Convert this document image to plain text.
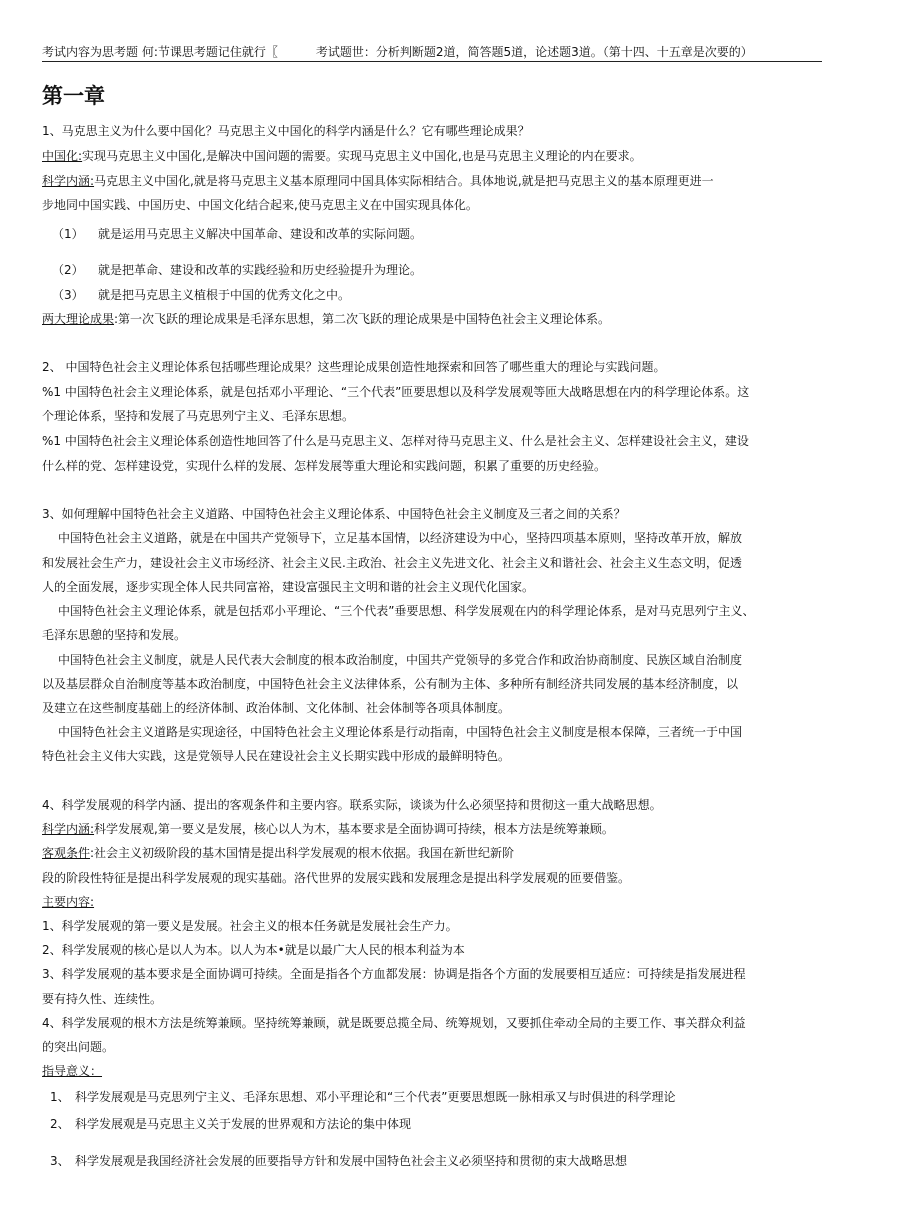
考试内容为思考题 何:节课思考题记住就行〖	考试题世：分析判断题2道，简答题5道，论述题3道。（第十四、十五章是次要的）
第一章
1、马克思主义为什么要中国化？马克思主义中国化的科学内涵是什么？它有哪些理论成果？
中国化:实现马克思主义中国化,是解决中国问题的需要。实现马克思主义中国化,也是马克思主义理论的内在要求。
科学内涵:马克思主义中国化,就是将马克思主义基本原理同中国具体实际相结合。具体地说,就是把马克思主义的基本原理更进一
步地同中国实践、中国历史、中国文化结合起来,使马克思主义在中国实现具体化。
（1） 就是运用马克思主义解决中国革命、建设和改革的实际问题。
（2） 就是把革命、建设和改革的实践经验和历史经验提升为理论。
（3） 就是把马克思主义植根于中国的优秀文化之中。
两大理论成果:第一次飞跃的理论成果是毛泽东思想，第二次飞跃的理论成果是中国特色社会主义理论体系。
2、 中国特色社会主义理论体系包括哪些理论成果？这些理论成果创造性地探索和回答了哪些重大的理论与实践问题。
%1 中国特色社会主义理论体系，就是包括邓小平理论、“三个代表”匝要思想以及科学发展观等匝大战略思想在内的科学理论体系。这
个理论体系，坚持和发展了马克思列宁主义、毛泽东思想。
%1 中国特色社会主义理论体系创造性地回答了什么是马克思主义、怎样对待马克思主义、什么是社会主义、怎样建设社会主义，建设
什么样的党、怎样建设党，实现什么样的发展、怎样发展等重大理论和实践问题，积累了重要的历史经验。
3、如何理解中国特色社会主义道路、中国特色社会主义理论体系、中国特色社会主义制度及三者之间的关系？
中国特色社会主义道路，就是在中国共产党领导下，立足基本国情，以经济建设为中心，坚持四项基本原则，坚持改革开放，解放
和发展社会生产力，建设社会主义市场经济、社会主义民.主政治、社会主义先进文化、社会主义和谐社会、社会主义生态文明，促透
人的全面发展，逐步实现全体人民共同富裕，建设富强民主文明和谐的社会主义现代化国家。
中国特色社会主义理论体系，就是包括邓小平理论、“三个代表”垂要思想、科学发展观在内的科学理论体系，是对马克思列宁主义、
毛泽东思憩的坚持和发展。
中国特色社会主义制度，就是人民代表大会制度的根本政治制度，中国共产党领导的多党合作和政治协商制度、民族区域自治制度
以及基层群众自治制度等基本政治制度，中国特色社会主义法律体系，公有制为主体、多种所有制经济共同发展的基本经济制度，以
及建立在这些制度基础上的经济体制、政治体制、文化体制、社会体制等各项具体制度。
中国特色社会主义道路是实现途径，中国特色社会主义理论体系是行动指南，中国特色社会主义制度是根本保障，三者统一于中国
特色社会主义伟大实践，这是党领导人民在建设社会主义长期实践中形成的最鲜明特色。
4、科学发展观的科学内涵、提出的客观条件和主要内容。联系实际，谈谈为什么必须坚持和贯彻这一重大战略思想。
科学内涵:科学发展观,第一要义是发展，核心以人为木，基本要求是全面协调可持续，根本方法是统筹兼顾。
客观条件:社会主义初级阶段的基木国情是提出科学发展观的根木依据。我国在新世纪新阶
段的阶段性特征是提出科学发展观的现实基础。洛代世界的发展实践和发展理念是提出科学发展观的匝要借鉴。
主要内容:
1、科学发展观的第一要义是发展。社会主义的根本任务就是发展社会生产力。
2、科学发展观的核心是以人为本。以人为本•就是以最广大人民的根本利益为本
3、科学发展观的基本要求是全面协调可持续。全面是指各个方血都发展：协调是指各个方面的发展要相互适应：可持续是指发展进程
要有持久性、连续性。
4、科学发展观的根木方法是统筹兼顾。坚持统筹兼顾，就是既要总揽全局、统筹规划，又要抓住牵动全局的主要工作、事关群众利益
的突出问题。
指导意义：
1、 科学发展观是马克思列宁主义、毛泽东思想、邓小平理论和“三个代表”更要思想既一脉相承又与时俱进的科学理论
2、 科学发展观是马克思主义关于发展的世界观和方法论的集中体现
3、 科学发展观是我国经济社会发展的匝要指导方针和发展中国特色社会主义必须坚持和贯彻的束大战略思想
